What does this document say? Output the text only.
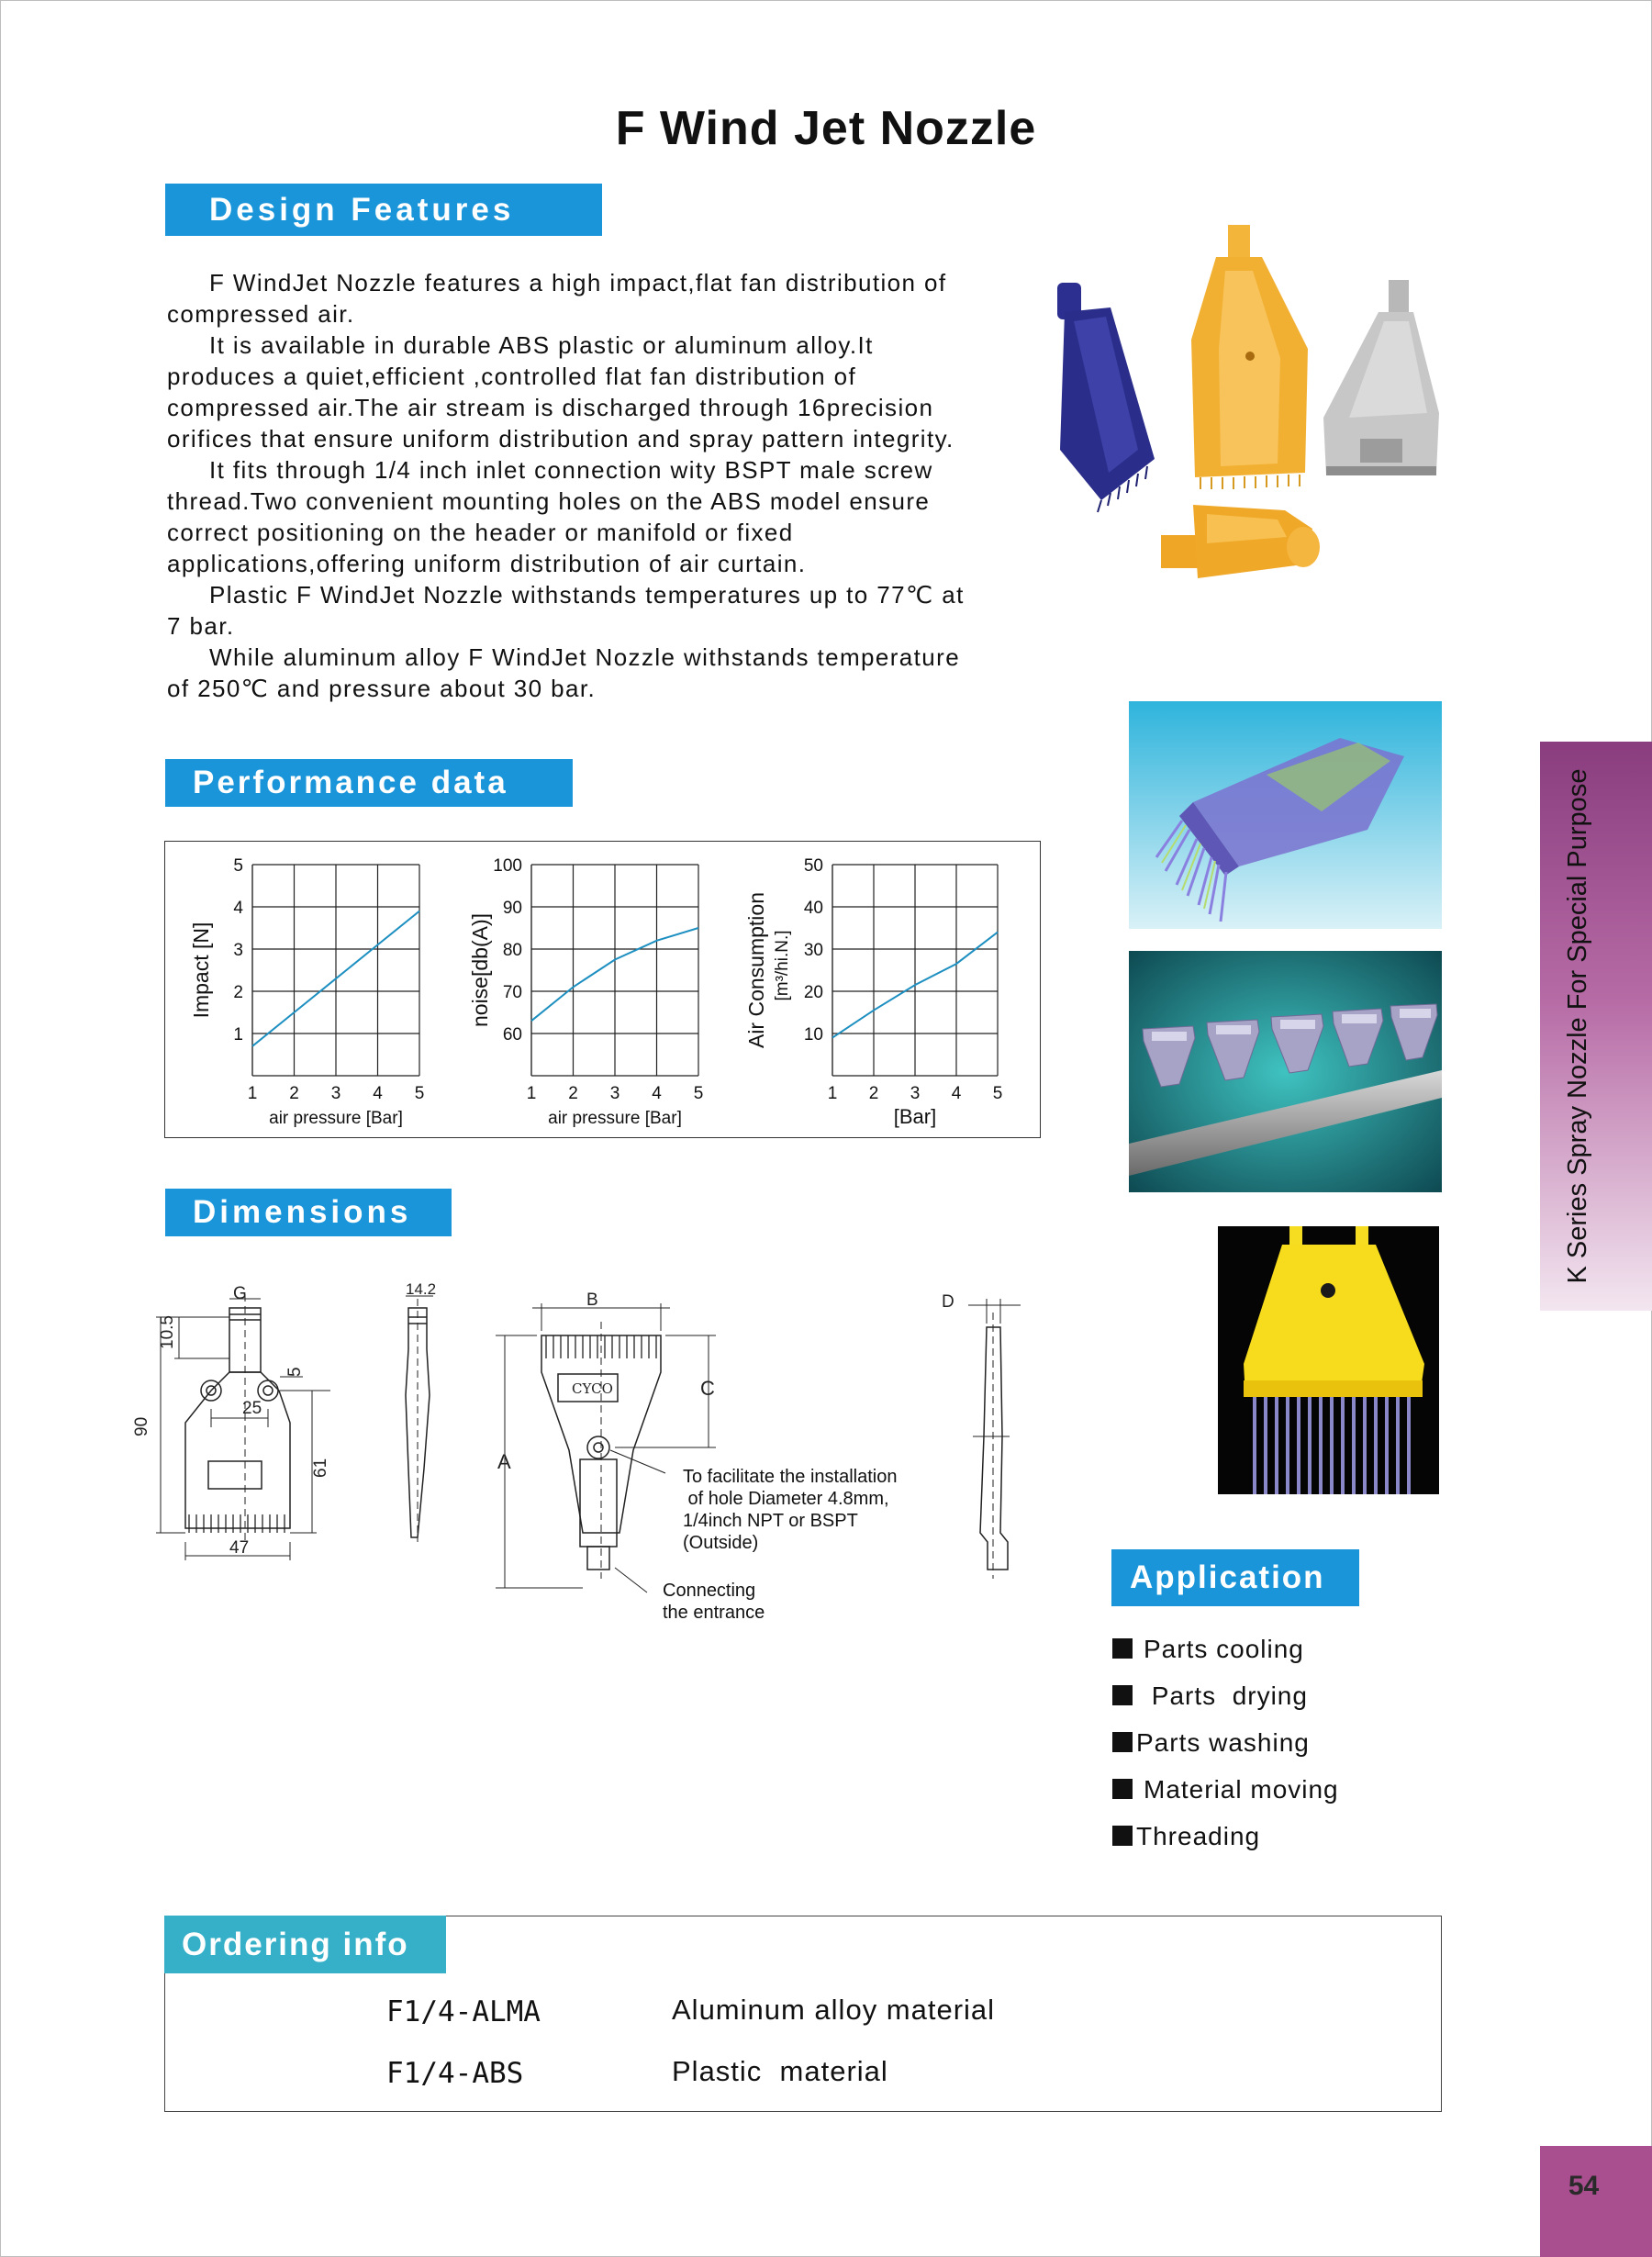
F Wind Jet Nozzle
Design Features
Performance data
Dimensions
Application

F WindJet Nozzle features a high impact,flat fan distribution of compressed air.

It is available in durable ABS plastic or aluminum alloy.It produces a quiet,efficient ,controlled flat fan distribution of compressed air.The air stream is discharged through 16precision orifices that ensure uniform distribution and spray pattern integrity.

It fits through 1/4 inch inlet connection wity BSPT male screw thread.Two convenient mounting holes on the ABS model ensure correct positioning on the header or manifold or fixed applications,offering uniform distribution of air curtain.

Plastic F WindJet Nozzle withstands temperatures up to 77℃ at 7 bar.

While aluminum alloy F WindJet Nozzle withstands temperature of 250℃ and pressure about 30 bar.

1 2 3 4 5
1
2
3
4
5
air pressure [Bar]
Impact [N]
1 2 3 4 5
60
70
80
90
100
air pressure [Bar]
noise[db(A)]
1 2 3 4 5
10
20
30
40
50
[Bar]
Air Consumption [m³/hi.N.]
G
10.5
90
25
5
61
47
14.2
B
C
A
D
CYCO
To facilitate the installation
of hole Diameter 4.8mm,
1/4inch NPT or BSPT
(Outside)
Connecting
the entrance
Parts cooling
Parts  drying
Parts washing
Material moving
Threading
Ordering info
F1/4-ALMA	Aluminum alloy material
F1/4-ABS	Plastic  material
K Series Spray Nozzle For Special Purpose
54
